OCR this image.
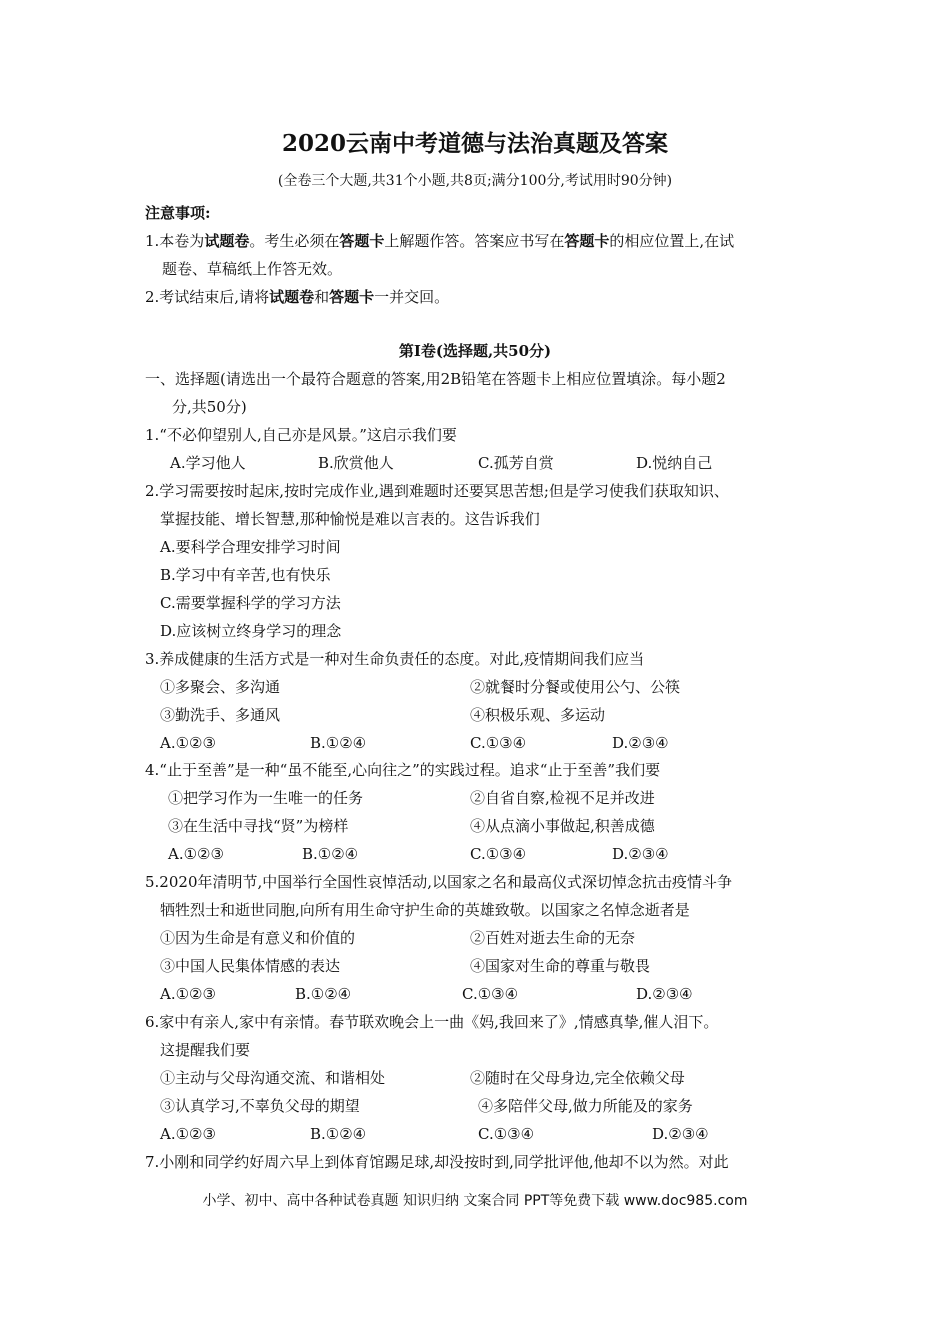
2020云南中考道德与法治真题及答案
(全卷三个大题,共31个小题,共8页;满分100分,考试用时90分钟)
注意事项:
1.本卷为试题卷。考生必须在答题卡上解题作答。答案应书写在答题卡的相应位置上,在试
题卷、草稿纸上作答无效。
2.考试结束后,请将试题卷和答题卡一并交回。
第Ⅰ卷(选择题,共50分)
一、选择题(请选出一个最符合题意的答案,用2B铅笔在答题卡上相应位置填涂。每小题2
分,共50分)
1.“不必仰望别人,自己亦是风景。”这启示我们要
A.学习他人	B.欣赏他人	C.孤芳自赏	D.悦纳自己
2.学习需要按时起床,按时完成作业,遇到难题时还要冥思苦想;但是学习使我们获取知识、
掌握技能、增长智慧,那种愉悦是难以言表的。这告诉我们
A.要科学合理安排学习时间
B.学习中有辛苦,也有快乐
C.需要掌握科学的学习方法
D.应该树立终身学习的理念
3.养成健康的生活方式是一种对生命负责任的态度。对此,疫情期间我们应当
①多聚会、多沟通	②就餐时分餐或使用公勺、公筷
③勤洗手、多通风	④积极乐观、多运动
A.①②③	B.①②④	C.①③④	D.②③④
4.“止于至善”是一种“虽不能至,心向往之”的实践过程。追求“止于至善”我们要
①把学习作为一生唯一的任务	②自省自察,检视不足并改进
③在生活中寻找“贤”为榜样	④从点滴小事做起,积善成德
A.①②③	B.①②④	C.①③④	D.②③④
5.2020年清明节,中国举行全国性哀悼活动,以国家之名和最高仪式深切悼念抗击疫情斗争
牺牲烈士和逝世同胞,向所有用生命守护生命的英雄致敬。以国家之名悼念逝者是
①因为生命是有意义和价值的	②百姓对逝去生命的无奈
③中国人民集体情感的表达	④国家对生命的尊重与敬畏
A.①②③	B.①②④	C.①③④	D.②③④
6.家中有亲人,家中有亲情。春节联欢晚会上一曲《妈,我回来了》,情感真挚,催人泪下。
这提醒我们要
①主动与父母沟通交流、和谐相处	②随时在父母身边,完全依赖父母
③认真学习,不辜负父母的期望	④多陪伴父母,做力所能及的家务
A.①②③	B.①②④	C.①③④	D.②③④
7.小刚和同学约好周六早上到体育馆踢足球,却没按时到,同学批评他,他却不以为然。对此
小学、初中、高中各种试卷真题 知识归纳 文案合同 PPT等免费下载 www.doc985.com
